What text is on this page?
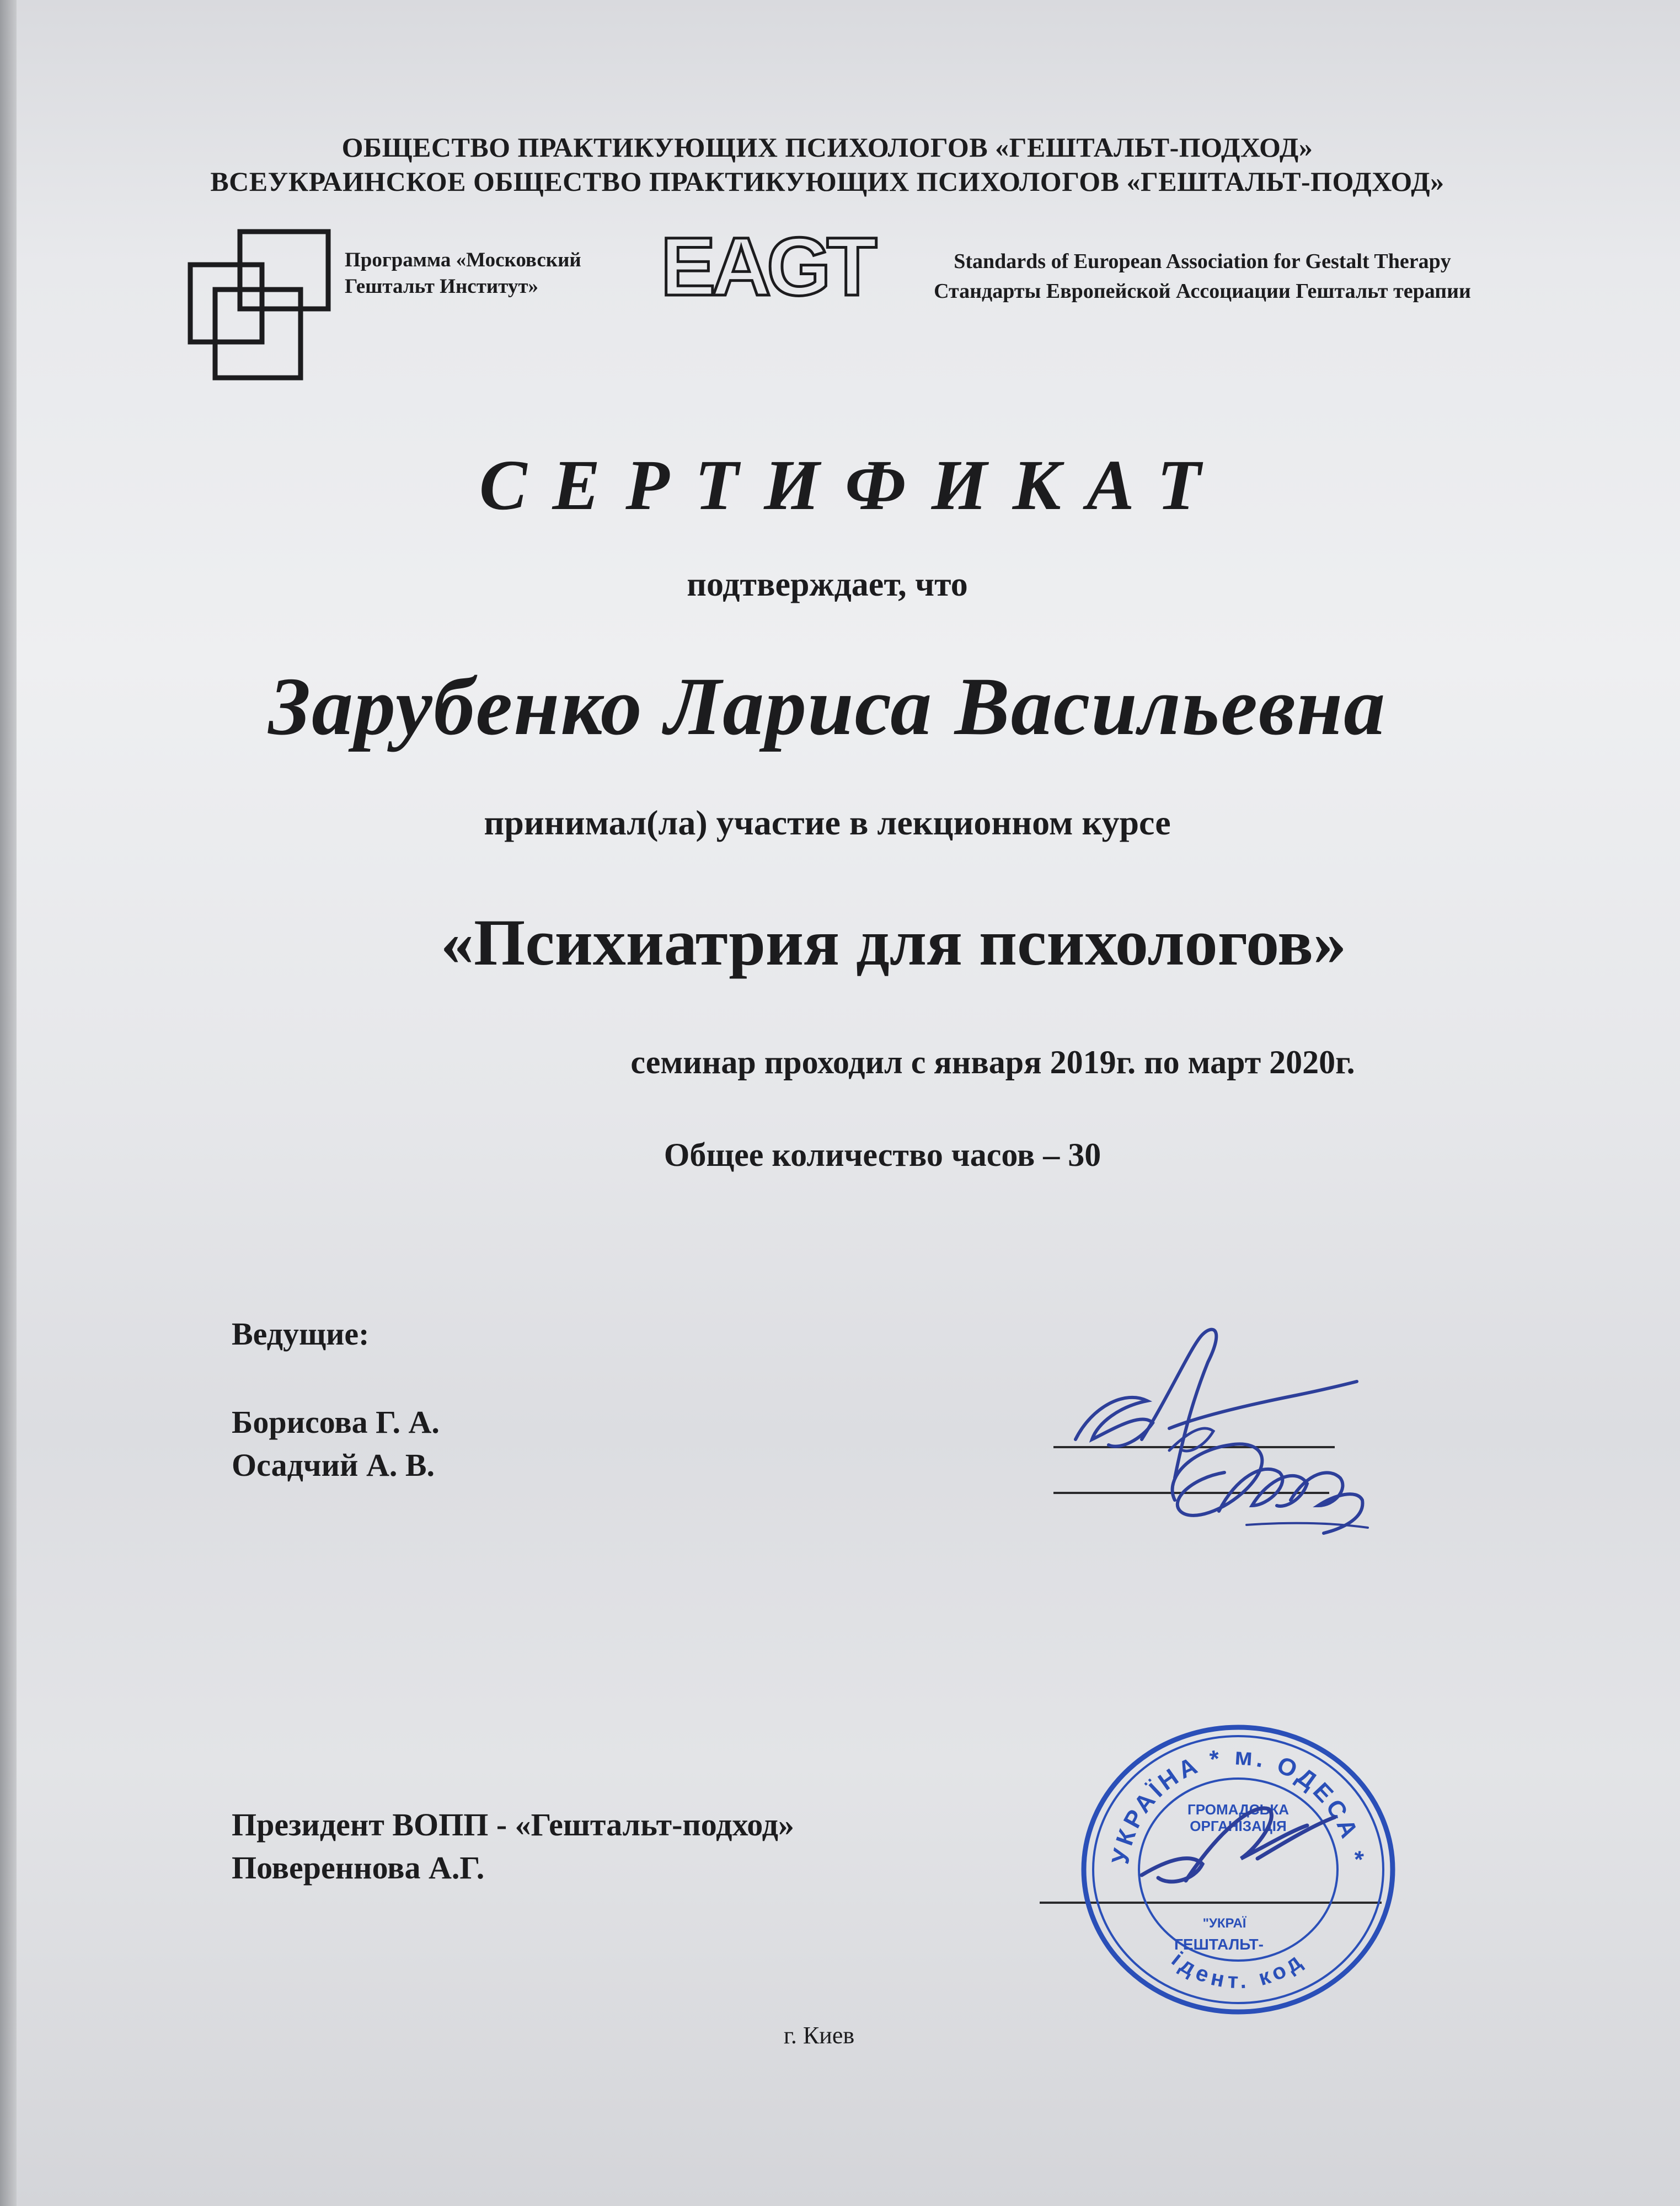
ОБЩЕСТВО ПРАКТИКУЮЩИХ ПСИХОЛОГОВ «ГЕШТАЛЬТ-ПОДХОД»
ВСЕУКРАИНСКОЕ ОБЩЕСТВО ПРАКТИКУЮЩИХ ПСИХОЛОГОВ «ГЕШТАЛЬТ-ПОДХОД»
Программа «Московский
Гештальт Институт»	EAGT	Standards of European Association for Gestalt Therapy
Стандарты Европейской Ассоциации Гештальт терапии
СЕРТИФИКАТ
подтверждает, что
Зарубенко Лариса Васильевна
принимал(ла) участие в лекционном курсе
«Психиатрия для психологов»
семинар проходил с января 2019г. по март 2020г.
Общее количество часов – 30
Ведущие:
Борисова Г. А.
Осадчий А. В.
Президент ВОПП - «Гештальт-подход»
Повереннова А.Г.	УКРАЇНА * м. ОДЕСА *
ідент. код
ГРОМАДСЬКА
ОРГАНІЗАЦІЯ
"УКРАЇ
ГЕШТАЛЬТ-
г. Киев
